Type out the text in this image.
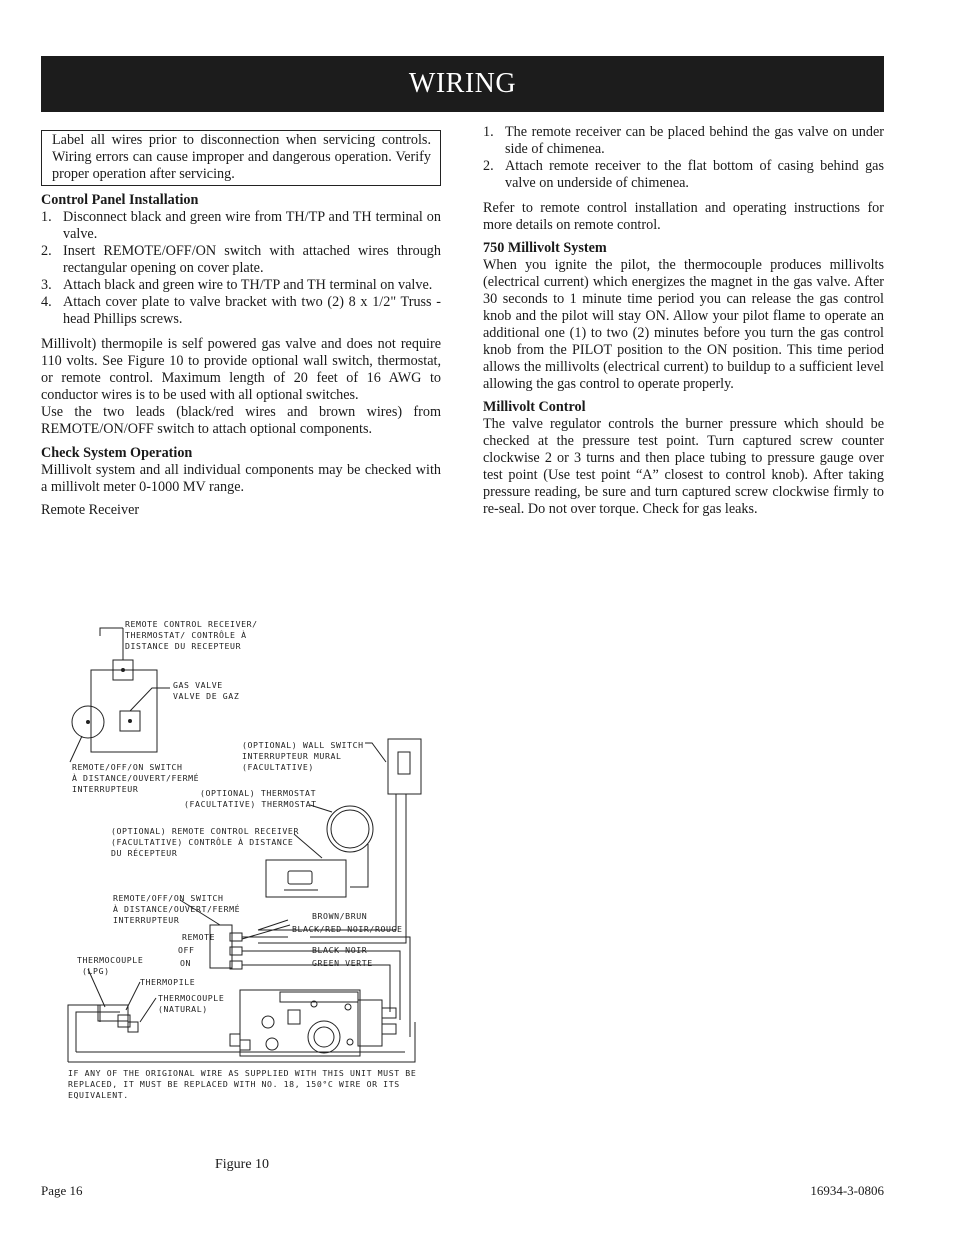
WIRING
Label all wires prior to disconnection when servicing controls. Wiring errors can cause improper and dangerous operation. Verify proper operation after servicing.
Control Panel Installation
1. Disconnect black and green wire from TH/TP and TH terminal on valve.
2. Insert REMOTE/OFF/ON switch with attached wires through rectangular opening on cover plate.
3. Attach black and green wire to TH/TP and TH terminal on valve.
4. Attach cover plate to valve bracket with two (2) 8 x 1/2" Truss -head Phillips screws.

Millivolt) thermopile is self powered gas valve and does not require 110 volts. See Figure 10 to provide optional wall switch, thermostat, or remote control. Maximum length of 20 feet of 16 AWG to conductor wires is to be used with all optional switches.

Use the two leads (black/red wires and brown wires) from REMOTE/ON/OFF switch to attach optional components.

Check System Operation

Millivolt system and all individual components may be checked with a millivolt meter 0-1000 MV range.

Remote Receiver

1. The remote receiver can be placed behind the gas valve on under side of chimenea.
2. Attach remote receiver to the flat bottom of casing behind gas valve on underside of chimenea.

Refer to remote control installation and operating instructions for more details on remote control.

750 Millivolt System

When you ignite the pilot, the thermocouple produces millivolts (electrical current) which energizes the magnet in the gas valve. After 30 seconds to 1 minute time period you can release the gas control knob and the pilot will stay ON. Allow your pilot flame to operate an additional one (1) to two (2) minutes before you turn the gas control knob from the PILOT position to the ON position. This time period allows the millivolts (electrical current) to buildup to a sufficient level allowing the gas control to operate properly.

Millivolt Control

The valve regulator controls the burner pressure which should be checked at the pressure test point. Turn captured screw counter clockwise 2 or 3 turns and then place tubing to pressure gauge over test point (Use test point “A” closest to control knob). After taking pressure reading, be sure and turn captured screw clockwise firmly to re-seal. Do not over torque. Check for gas leaks.

REMOTE CONTROL RECEIVER/
THERMOSTAT/ CONTRÔLE À
DISTANCE DU RECEPTEUR
GAS VALVE
VALVE DE GAZ
REMOTE/OFF/ON SWITCH
À DISTANCE/OUVERT/FERMÉ
INTERRUPTEUR
(OPTIONAL) WALL SWITCH
INTERRUPTEUR MURAL
(FACULTATIVE)
(OPTIONAL) THERMOSTAT
(FACULTATIVE) THERMOSTAT
(OPTIONAL) REMOTE CONTROL RECEIVER
(FACULTATIVE) CONTRÔLE À DISTANCE
DU RÉCEPTEUR
REMOTE/OFF/ON SWITCH
À DISTANCE/OUVERT/FERMÉ
INTERRUPTEUR
REMOTE
OFF
ON
BROWN/BRUN
BLACK/RED NOIR/ROUGE
BLACK NOIR
GREEN VERTE
THERMOCOUPLE
(LPG)
THERMOPILE
THERMOCOUPLE
(NATURAL)
IF ANY OF THE ORIGIONAL WIRE AS SUPPLIED WITH THIS UNIT MUST BE
REPLACED, IT MUST BE REPLACED WITH NO. 18, 150°C WIRE OR ITS
EQUIVALENT.
Figure 10
Page 16	16934-3-0806
